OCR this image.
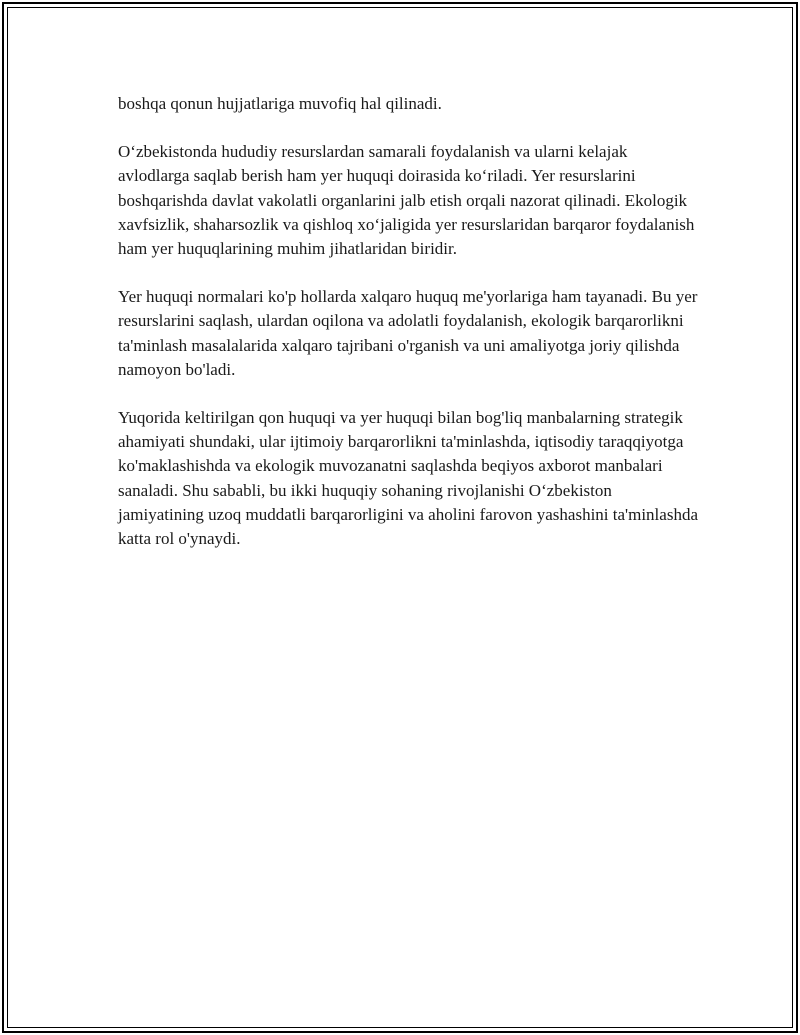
boshqa qonun hujjatlariga muvofiq hal qilinadi.

O‘zbekistonda hududiy resurslardan samarali foydalanish va ularni kelajak avlodlarga saqlab berish ham yer huquqi doirasida ko‘riladi. Yer resurslarini boshqarishda davlat vakolatli organlarini jalb etish orqali nazorat qilinadi. Ekologik xavfsizlik, shaharsozlik va qishloq xo‘jaligida yer resurslaridan barqaror foydalanish ham yer huquqlarining muhim jihatlaridan biridir.

Yer huquqi normalari ko'p hollarda xalqaro huquq me'yorlariga ham tayanadi. Bu yer resurslarini saqlash, ulardan oqilona va adolatli foydalanish, ekologik barqarorlikni ta'minlash masalalarida xalqaro tajribani o'rganish va uni amaliyotga joriy qilishda namoyon bo'ladi.

Yuqorida keltirilgan qon huquqi va yer huquqi bilan bog'liq manbalarning strategik ahamiyati shundaki, ular ijtimoiy barqarorlikni ta'minlashda, iqtisodiy taraqqiyotga ko'maklashishda va ekologik muvozanatni saqlashda beqiyos axborot manbalari sanaladi. Shu sababli, bu ikki huquqiy sohaning rivojlanishi O‘zbekiston jamiyatining uzoq muddatli barqarorligini va aholini farovon yashashini ta'minlashda katta rol o'ynaydi.
